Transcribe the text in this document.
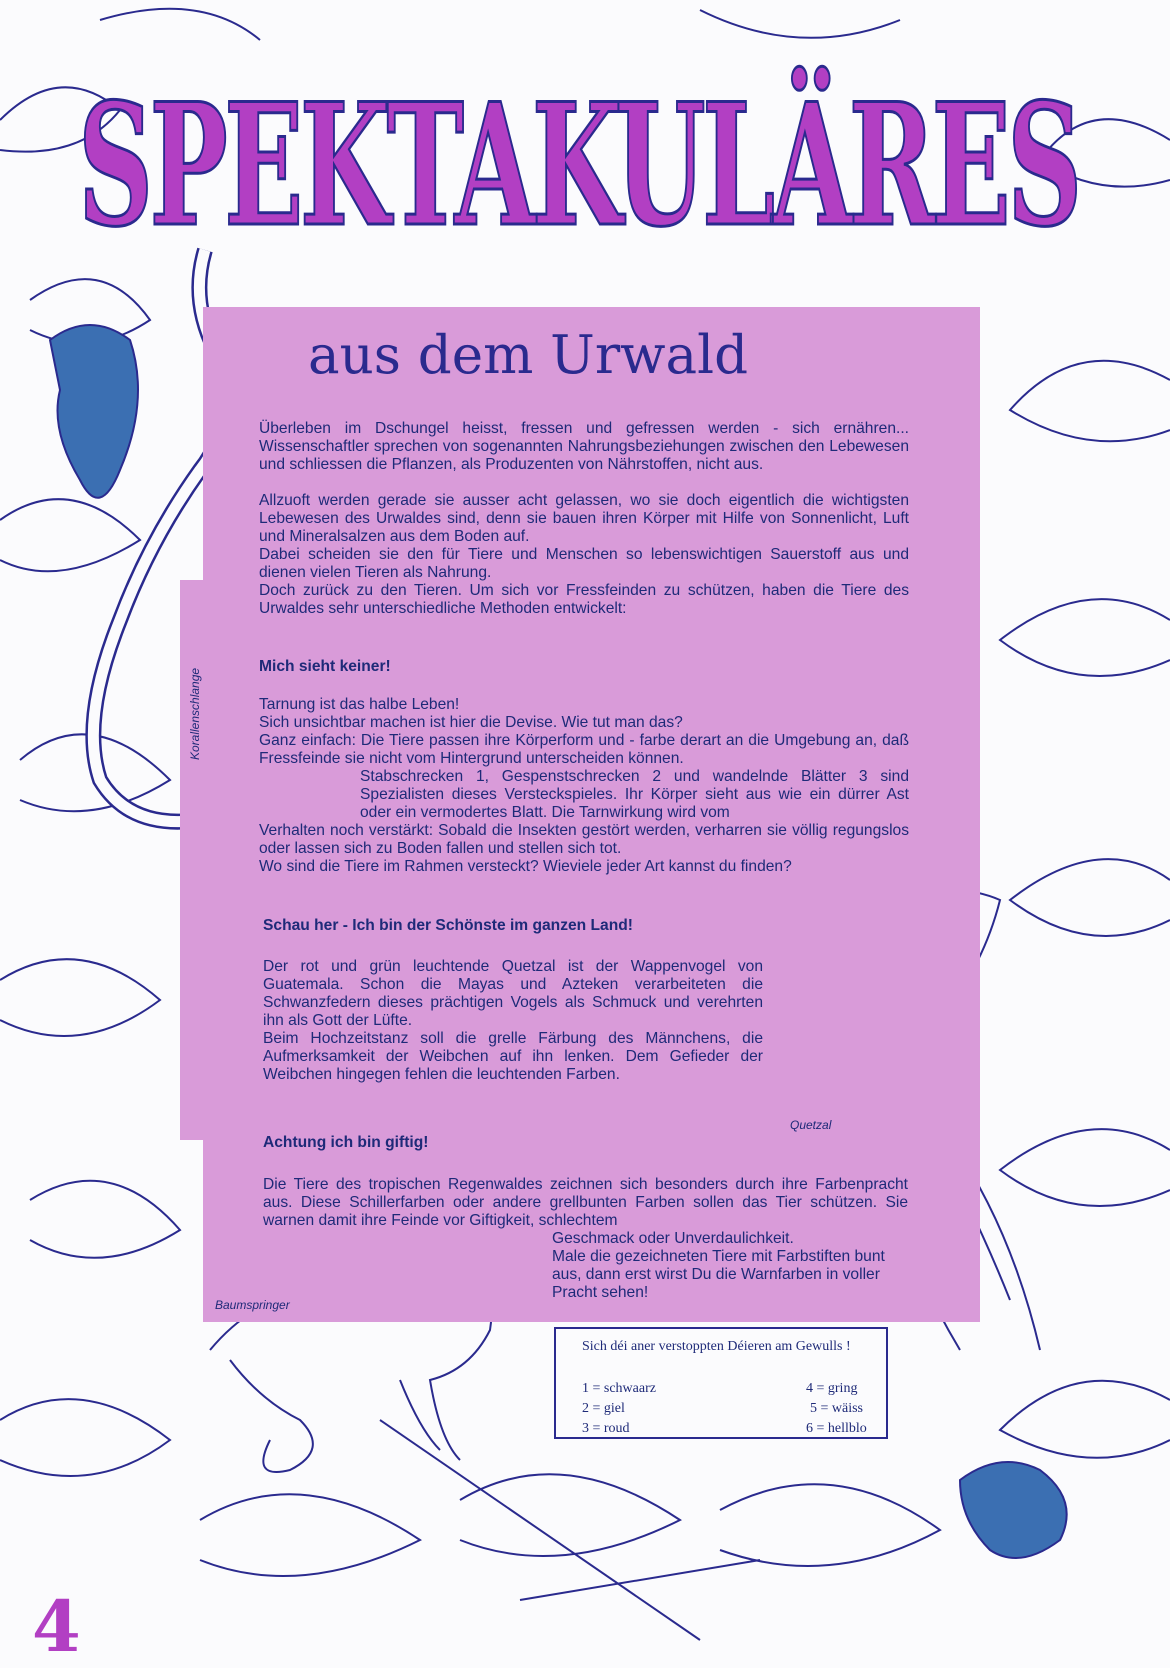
SPEKTAKULÄRES
aus dem Urwald

Überleben im Dschungel heisst, fressen und gefressen werden - sich ernähren... Wissenschaftler sprechen von sogenannten Nahrungsbeziehungen zwischen den Lebewesen und schliessen die Pflanzen, als Produzenten von Nährstoffen, nicht aus.

Allzuoft werden gerade sie ausser acht gelassen, wo sie doch eigentlich die wichtigsten Lebewesen des Urwaldes sind, denn sie bauen ihren Körper mit Hilfe von Sonnenlicht, Luft und Mineralsalzen aus dem Boden auf.

Dabei scheiden sie den für Tiere und Menschen so lebenswichtigen Sauerstoff aus und dienen vielen Tieren als Nahrung.

Doch zurück zu den Tieren. Um sich vor Fressfeinden zu schützen, haben die Tiere des Urwaldes sehr unterschiedliche Methoden entwickelt:

Mich sieht keiner!

Tarnung ist das halbe Leben!

Sich unsichtbar machen ist hier die Devise. Wie tut man das?

Ganz einfach: Die Tiere passen ihre Körperform und - farbe derart an die Umgebung an, daß Fressfeinde sie nicht vom Hintergrund unterscheiden können.

Stabschrecken 1, Gespenstschrecken 2 und wandelnde Blätter 3 sind Spezialisten dieses Versteckspieles. Ihr Körper sieht aus wie ein dürrer Ast oder ein vermodertes Blatt. Die Tarnwirkung wird vom

Verhalten noch verstärkt: Sobald die Insekten gestört werden, verharren sie völlig regungslos oder lassen sich zu Boden fallen und stellen sich tot.

Wo sind die Tiere im Rahmen versteckt? Wieviele jeder Art kannst du finden?

Schau her - Ich bin der Schönste im ganzen Land!

Der rot und grün leuchtende Quetzal ist der Wappenvogel von Guatemala. Schon die Mayas und Azteken verarbeiteten die Schwanzfedern dieses prächtigen Vogels als Schmuck und verehrten ihn als Gott der Lüfte.

Beim Hochzeitstanz soll die grelle Färbung des Männchens, die Aufmerksamkeit der Weibchen auf ihn lenken. Dem Gefieder der Weibchen hingegen fehlen die leuchtenden Farben.

Achtung ich bin giftig!

Die Tiere des tropischen Regenwaldes zeichnen sich besonders durch ihre Farbenpracht aus. Diese Schillerfarben oder andere grellbunten Farben sollen das Tier schützen. Sie warnen damit ihre Feinde vor Giftigkeit, schlechtem

Geschmack oder Unverdaulichkeit.

Male die gezeichneten Tiere mit Farbstiften bunt aus, dann erst wirst Du die Warnfarben in voller Pracht sehen!

Sich déi aner verstoppten Déieren am Gewulls !
1 = schwaarz
2 = giel
3 = roud
4 = gring
5 = wäiss
6 = hellblo
Korallenschlange
Quetzal
Baumspringer
4
